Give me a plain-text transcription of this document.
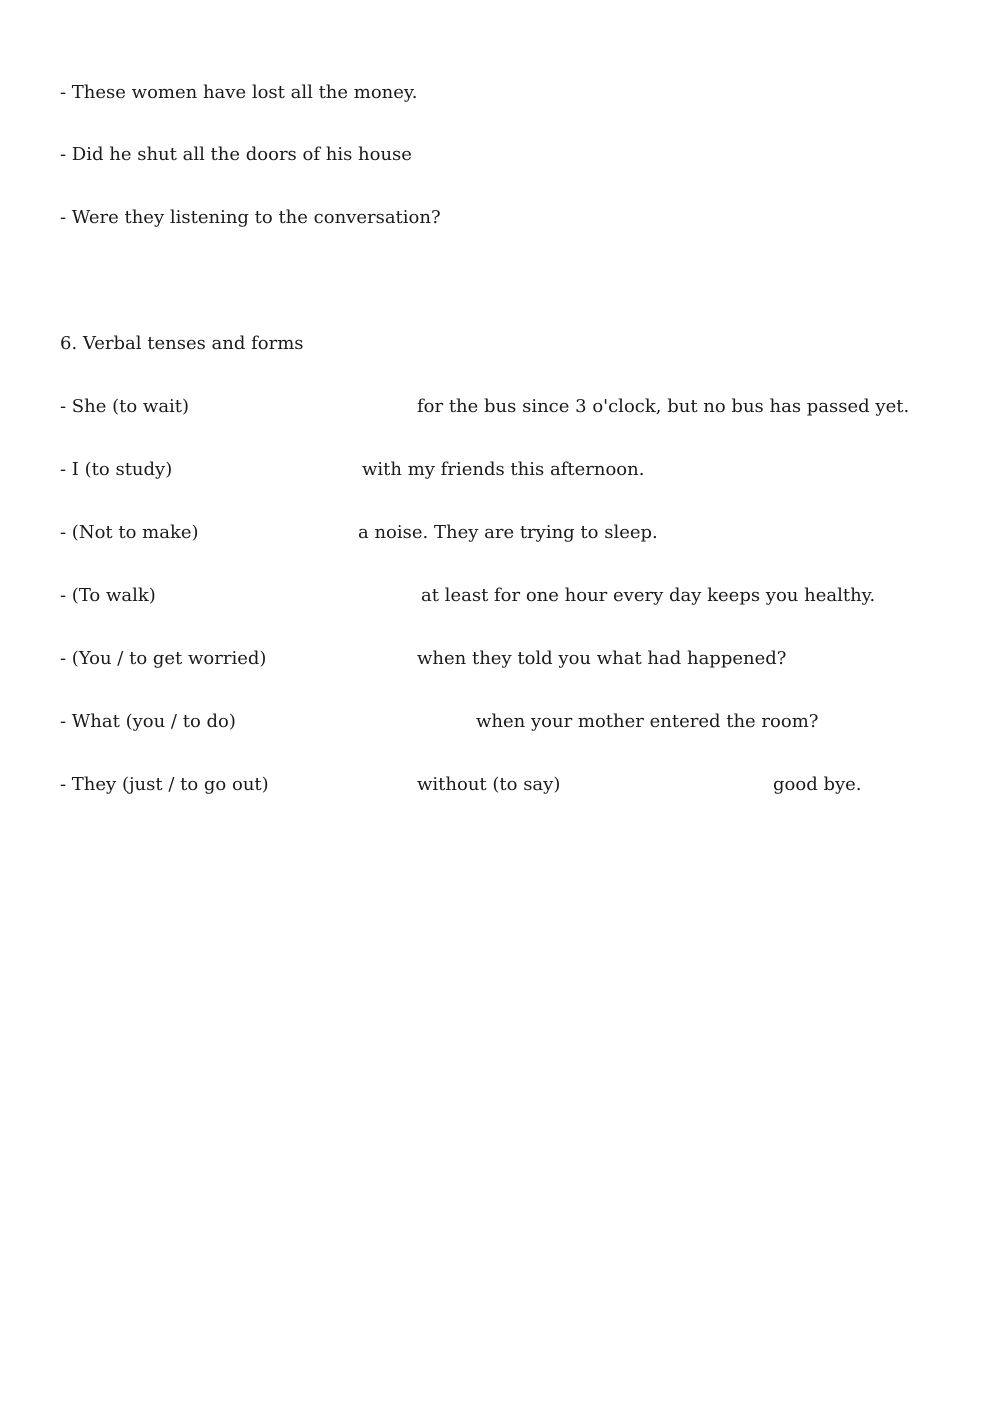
- These women have lost all the money.
- Did he shut all the doors of his house
- Were they listening to the conversation?
6. Verbal tenses and forms
- She (to wait)	for the bus since 3 o'clock, but no bus has passed yet.
- I (to study)	with my friends this afternoon.
- (Not to make)	a noise. They are trying to sleep.
- (To walk)	at least for one hour every day keeps you healthy.
- (You / to get worried)	when they told you what had happened?
- What (you / to do)	when your mother entered the room?
- They (just / to go out)	without (to say)	good bye.
